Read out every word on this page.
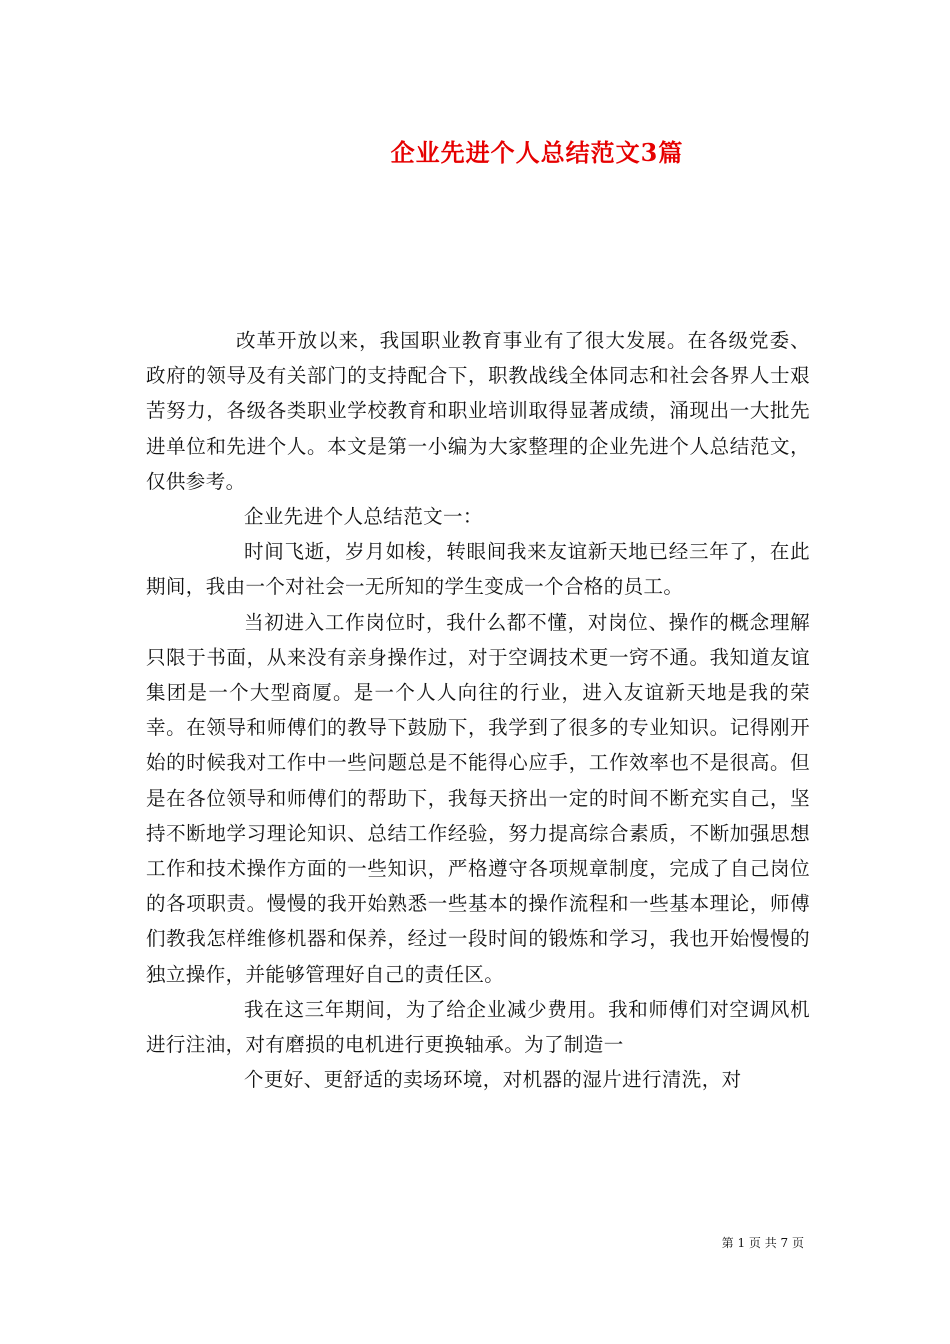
企业先进个人总结范文3篇

改革开放以来，我国职业教育事业有了很大发展。在各级党委、政府的领导及有关部门的支持配合下，职教战线全体同志和社会各界人士艰苦努力，各级各类职业学校教育和职业培训取得显著成绩，涌现出一大批先进单位和先进个人。本文是第一小编为大家整理的企业先进个人总结范文，仅供参考。

企业先进个人总结范文一：

时间飞逝，岁月如梭，转眼间我来友谊新天地已经三年了，在此期间，我由一个对社会一无所知的学生变成一个合格的员工。

当初进入工作岗位时，我什么都不懂，对岗位、操作的概念理解只限于书面，从来没有亲身操作过，对于空调技术更一窍不通。我知道友谊集团是一个大型商厦。是一个人人向往的行业，进入友谊新天地是我的荣幸。在领导和师傅们的教导下鼓励下，我学到了很多的专业知识。记得刚开始的时候我对工作中一些问题总是不能得心应手，工作效率也不是很高。但是在各位领导和师傅们的帮助下，我每天挤出一定的时间不断充实自己，坚持不断地学习理论知识、总结工作经验，努力提高综合素质，不断加强思想工作和技术操作方面的一些知识，严格遵守各项规章制度，完成了自己岗位的各项职责。慢慢的我开始熟悉一些基本的操作流程和一些基本理论，师傅们教我怎样维修机器和保养，经过一段时间的锻炼和学习，我也开始慢慢的独立操作，并能够管理好自己的责任区。

我在这三年期间，为了给企业减少费用。我和师傅们对空调风机进行注油，对有磨损的电机进行更换轴承。为了制造一

个更好、更舒适的卖场环境，对机器的湿片进行清洗，对

第 1 页 共 7 页
